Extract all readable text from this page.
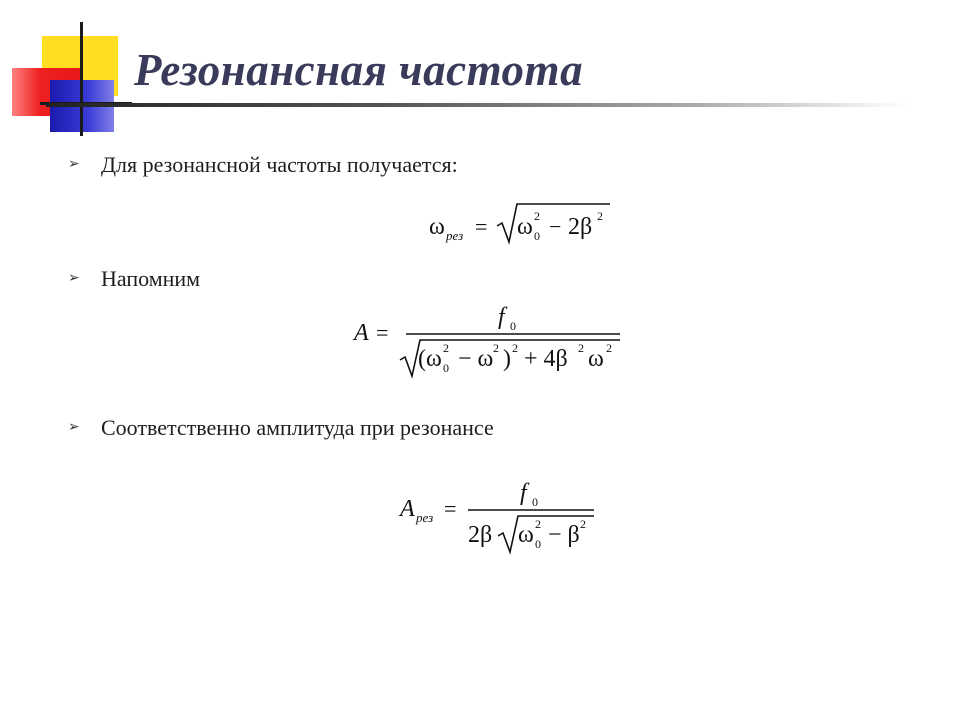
Резонансная частота
➢ Для резонансной частоты получается:
ω рез = ω 0
2 − 2β 2
➢ Напомним
A =
f 0
(ω 0
2 − ω 2 ) 2 + 4β 2 ω 2
➢ Соответственно амплитуда при резонансе
A рез =
f 0
2β ω 0
2 − β 2
